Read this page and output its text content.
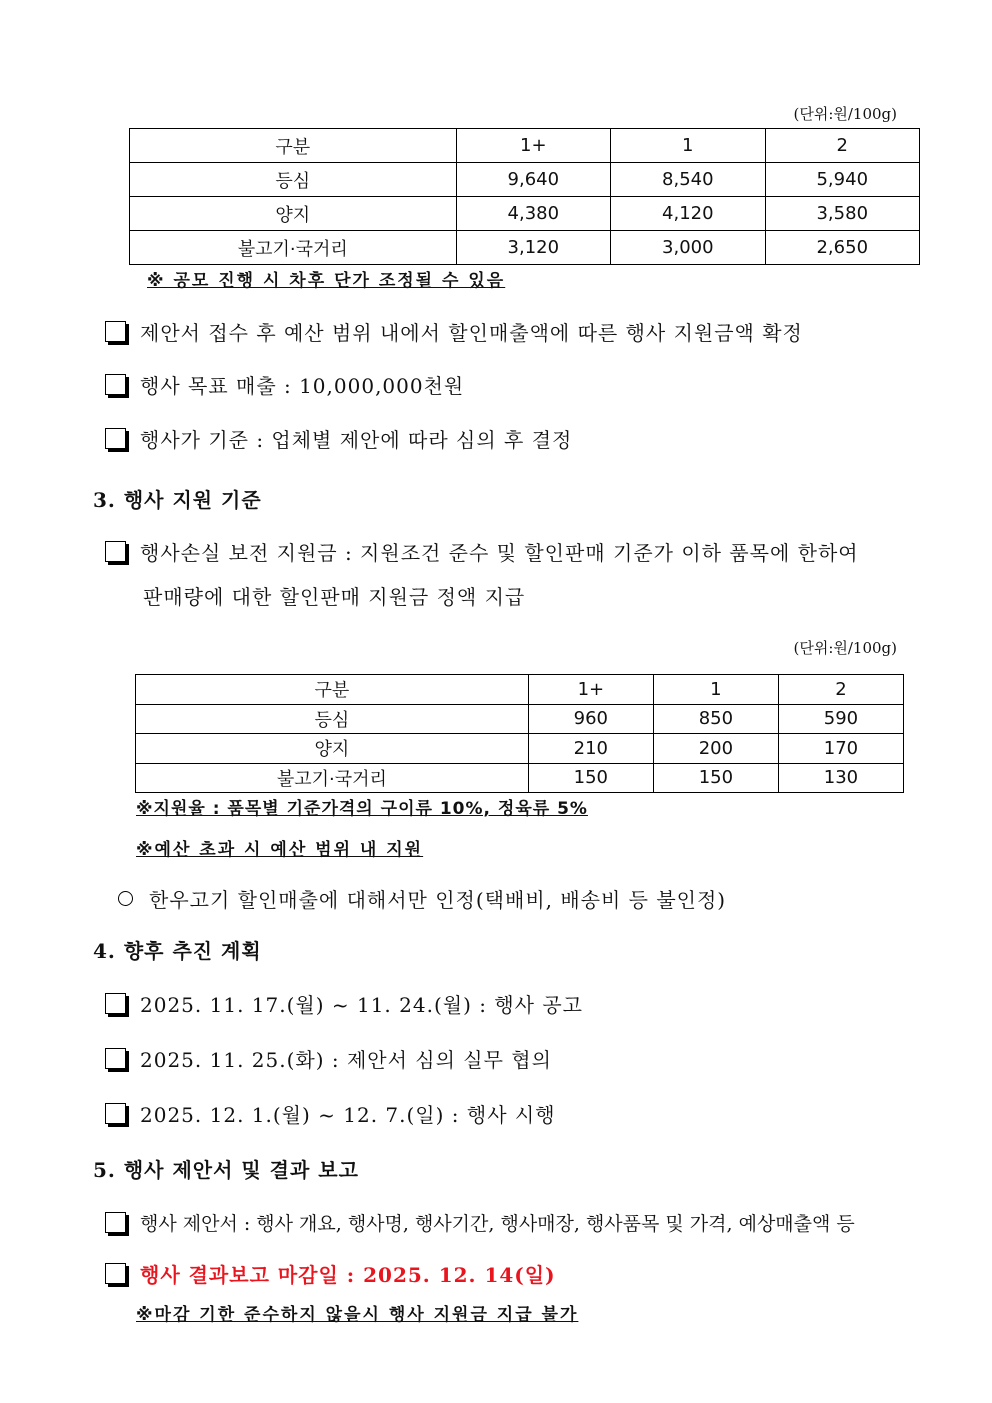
(단위:원/100g)
구분	1+	1	2
등심	9,640	8,540	5,940
양지	4,380	4,120	3,580
불고기·국거리	3,120	3,000	2,650
※ 공모 진행 시 차후 단가 조정될 수 있음
제안서 접수 후 예산 범위 내에서 할인매출액에 따른 행사 지원금액 확정
행사 목표 매출 : 10,000,000천원
행사가 기준 : 업체별 제안에 따라 심의 후 결정
3. 행사 지원 기준
행사손실 보전 지원금 : 지원조건 준수 및 할인판매 기준가 이하 품목에 한하여
판매량에 대한 할인판매 지원금 정액 지급
(단위:원/100g)
구분	1+	1	2
등심	960	850	590
양지	210	200	170
불고기·국거리	150	150	130
※지원율 : 품목별 기준가격의 구이류 10%, 정육류 5%
※예산 초과 시 예산 범위 내 지원
한우고기 할인매출에 대해서만 인정(택배비, 배송비 등 불인정)
4. 향후 추진 계획
2025. 11. 17.(월) ~ 11. 24.(월) : 행사 공고
2025. 11. 25.(화) : 제안서 심의 실무 협의
2025. 12. 1.(월) ~ 12. 7.(일) : 행사 시행
5. 행사 제안서 및 결과 보고
행사 제안서 : 행사 개요, 행사명, 행사기간, 행사매장, 행사품목 및 가격, 예상매출액 등
행사 결과보고 마감일 : 2025. 12. 14(일)
※마감 기한 준수하지 않을시 행사 지원금 지급 불가
